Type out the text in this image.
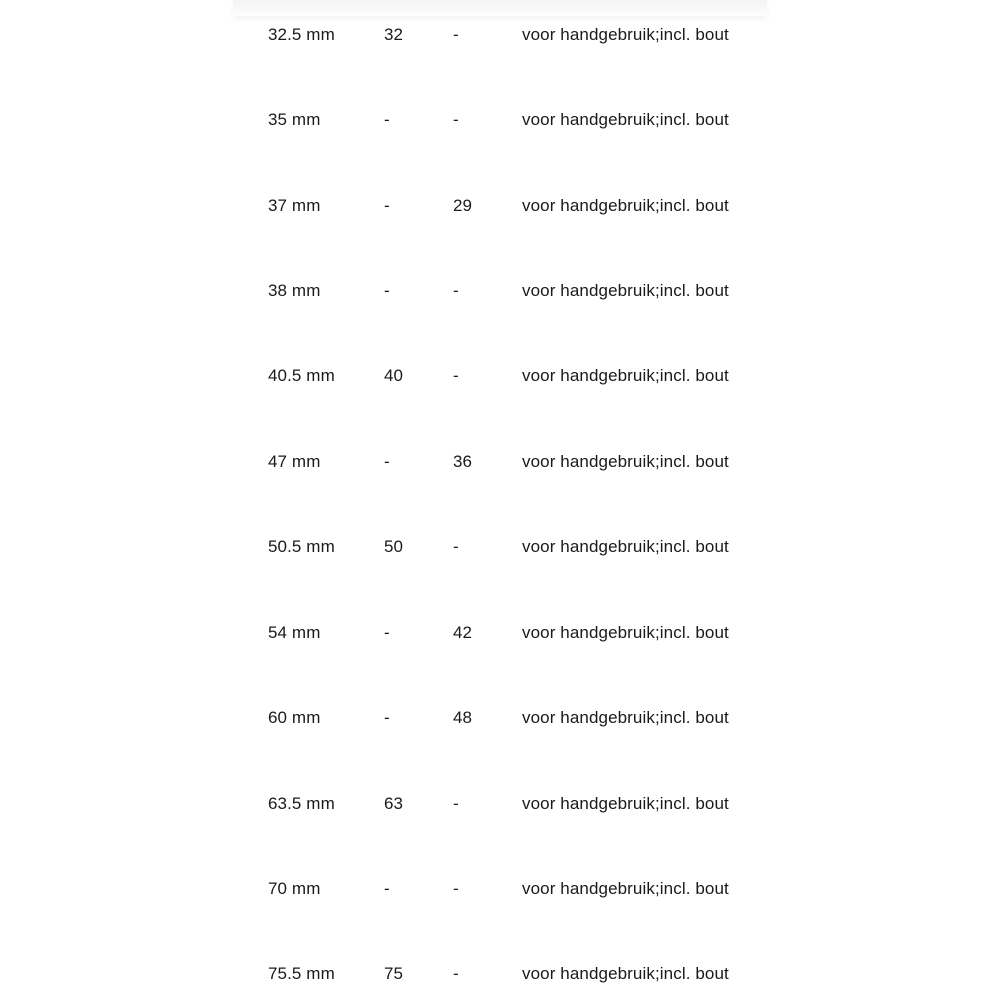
32.5 mm	32	-	voor handgebruik;incl. bout
35 mm	-	-	voor handgebruik;incl. bout
37 mm	-	29	voor handgebruik;incl. bout
38 mm	-	-	voor handgebruik;incl. bout
40.5 mm	40	-	voor handgebruik;incl. bout
47 mm	-	36	voor handgebruik;incl. bout
50.5 mm	50	-	voor handgebruik;incl. bout
54 mm	-	42	voor handgebruik;incl. bout
60 mm	-	48	voor handgebruik;incl. bout
63.5 mm	63	-	voor handgebruik;incl. bout
70 mm	-	-	voor handgebruik;incl. bout
75.5 mm	75	-	voor handgebruik;incl. bout
